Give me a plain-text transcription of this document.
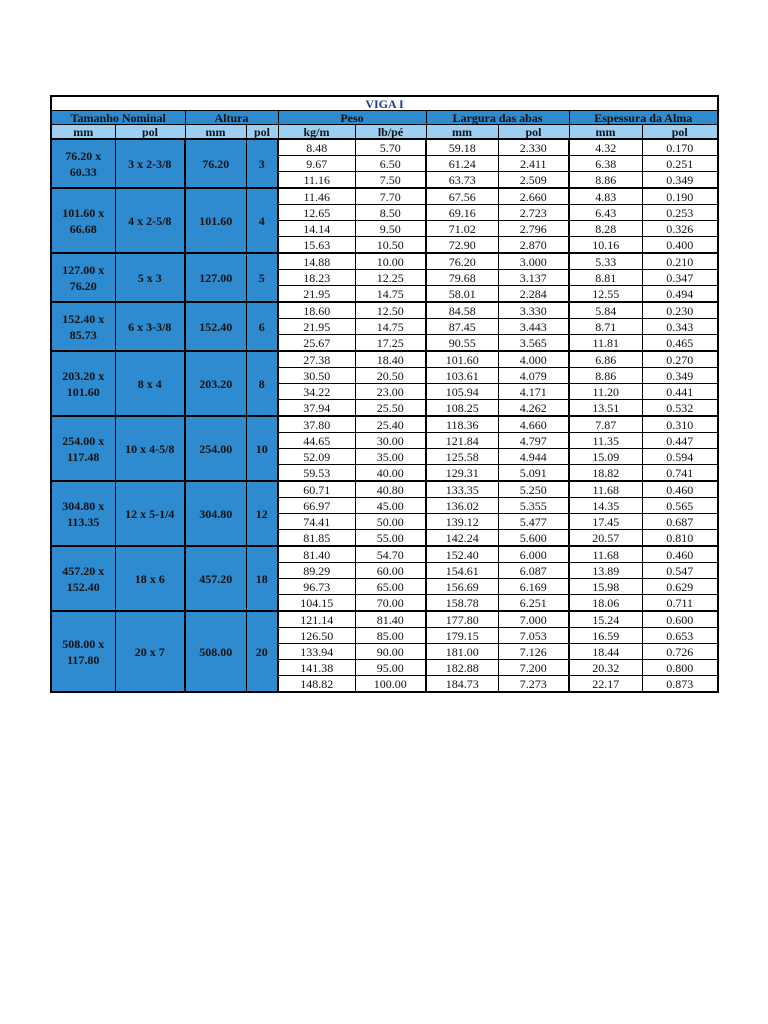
VIGA I									
Tamanho Nominal		Altura		Peso		Largura das abas		Espessura da Alma	
mm	pol	mm	pol	kg/m	lb/pé	mm	pol	mm	pol

76.20 x
60.33	3 x 2-3/8	76.20	3	8.48	5.70	59.18	2.330	4.32	0.170
				9.67	6.50	61.24	2.411	6.38	0.251
				11.16	7.50	63.73	2.509	8.86	0.349

101.60 x
66.68	4 x 2-5/8	101.60	4	11.46	7.70	67.56	2.660	4.83	0.190
				12.65	8.50	69.16	2.723	6.43	0.253
				14.14	9.50	71.02	2.796	8.28	0.326
				15.63	10.50	72.90	2.870	10.16	0.400

127.00 x
76.20	5 x 3	127.00	5	14.88	10.00	76.20	3.000	5.33	0.210
				18.23	12.25	79.68	3.137	8.81	0.347
				21.95	14.75	58.01	2.284	12.55	0.494

152.40 x
85.73	6 x 3-3/8	152.40	6	18.60	12.50	84.58	3.330	5.84	0.230
				21.95	14.75	87.45	3.443	8.71	0.343
				25.67	17.25	90.55	3.565	11.81	0.465

203.20 x
101.60	8 x 4	203.20	8	27.38	18.40	101.60	4.000	6.86	0.270
				30.50	20.50	103.61	4.079	8.86	0.349
				34.22	23.00	105.94	4.171	11.20	0.441
				37.94	25.50	108.25	4.262	13.51	0.532

254.00 x
117.48	10 x 4-5/8	254.00	10	37.80	25.40	118.36	4.660	7.87	0.310
				44.65	30.00	121.84	4.797	11.35	0.447
				52.09	35.00	125.58	4.944	15.09	0.594
				59.53	40.00	129.31	5.091	18.82	0.741

304.80 x
113.35	12 x 5-1/4	304.80	12	60.71	40.80	133.35	5.250	11.68	0.460
				66.97	45.00	136.02	5.355	14.35	0.565
				74.41	50.00	139.12	5.477	17.45	0.687
				81.85	55.00	142.24	5.600	20.57	0.810

457.20 x
152.40	18 x 6	457.20	18	81.40	54.70	152.40	6.000	11.68	0.460
				89.29	60.00	154.61	6.087	13.89	0.547
				96.73	65.00	156.69	6.169	15.98	0.629
				104.15	70.00	158.78	6.251	18.06	0.711

508.00 x
117.80	20 x 7	508.00	20	121.14	81.40	177.80	7.000	15.24	0.600
				126.50	85.00	179.15	7.053	16.59	0.653
				133.94	90.00	181.00	7.126	18.44	0.726
				141.38	95.00	182.88	7.200	20.32	0.800
				148.82	100.00	184.73	7.273	22.17	0.873
